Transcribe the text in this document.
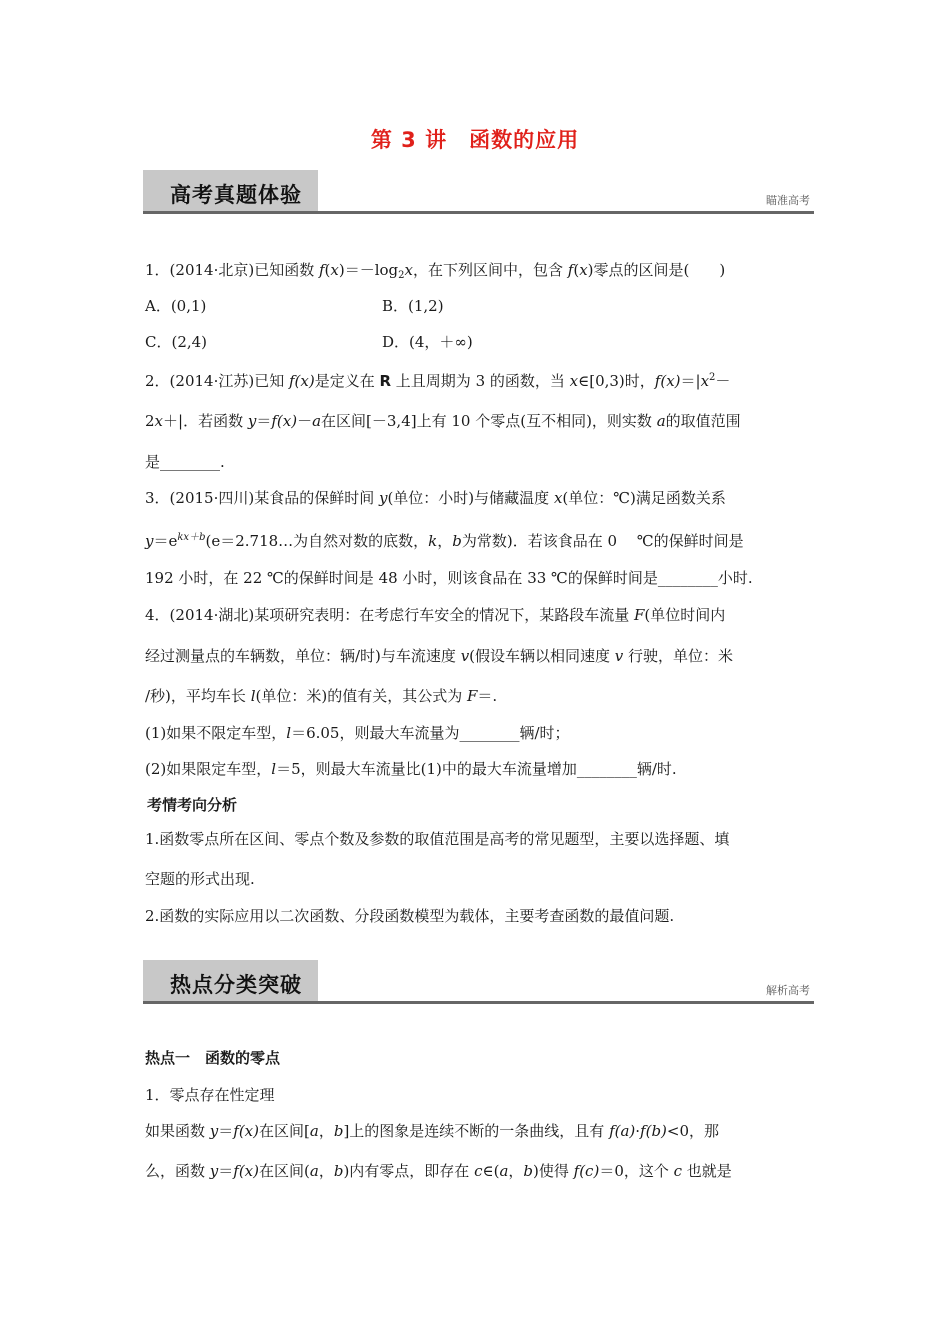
第 3 讲　函数的应用
高考真题体验	瞄准高考
1．(2014·北京)已知函数 $f(x)=-\log_2x$，在下列区间中，包含 f(x)零点的区间是(　　)
A．(0,1)	B．(1,2)
C．(2,4)	D．(4，＋∞)
2．(2014·江苏)已知 f(x)是定义在 R 上且周期为 3 的函数，当 x∈[0,3)时，$f(x)=|x^2-$
2x＋|．若函数 y＝f(x)－a在区间[－3,4]上有 10 个零点(互不相同)，则实数 a的取值范围
是________.
3．(2015·四川)某食品的保鲜时间 y(单位：小时)与储藏温度 x(单位：℃)满足函数关系
$y=e^{kx+b}(e=2.718\dots$为自然对数的底数，k，b为常数)．若该食品在 0　 ℃的保鲜时间是
192 小时，在 22 ℃的保鲜时间是 48 小时，则该食品在 33 ℃的保鲜时间是________小时.
4．(2014·湖北)某项研究表明：在考虑行车安全的情况下，某路段车流量 F(单位时间内
经过测量点的车辆数，单位：辆/时)与车流速度 v(假设车辆以相同速度 v 行驶，单位：米
/秒)，平均车长 l(单位：米)的值有关，其公式为 F＝.
(1)如果不限定车型，l＝6.05，则最大车流量为________辆/时；
(2)如果限定车型，l＝5，则最大车流量比(1)中的最大车流量增加________辆/时.
考情考向分析
1.函数零点所在区间、零点个数及参数的取值范围是高考的常见题型，主要以选择题、填
空题的形式出现.
2.函数的实际应用以二次函数、分段函数模型为载体，主要考查函数的最值问题.
热点分类突破	解析高考
热点一　函数的零点
1．零点存在性定理
如果函数 y＝f(x)在区间[a，b]上的图象是连续不断的一条曲线，且有 f(a)·f(b)<0，那
么，函数 y＝f(x)在区间(a，b)内有零点，即存在 c∈(a，b)使得 f(c)＝0，这个 c 也就是
